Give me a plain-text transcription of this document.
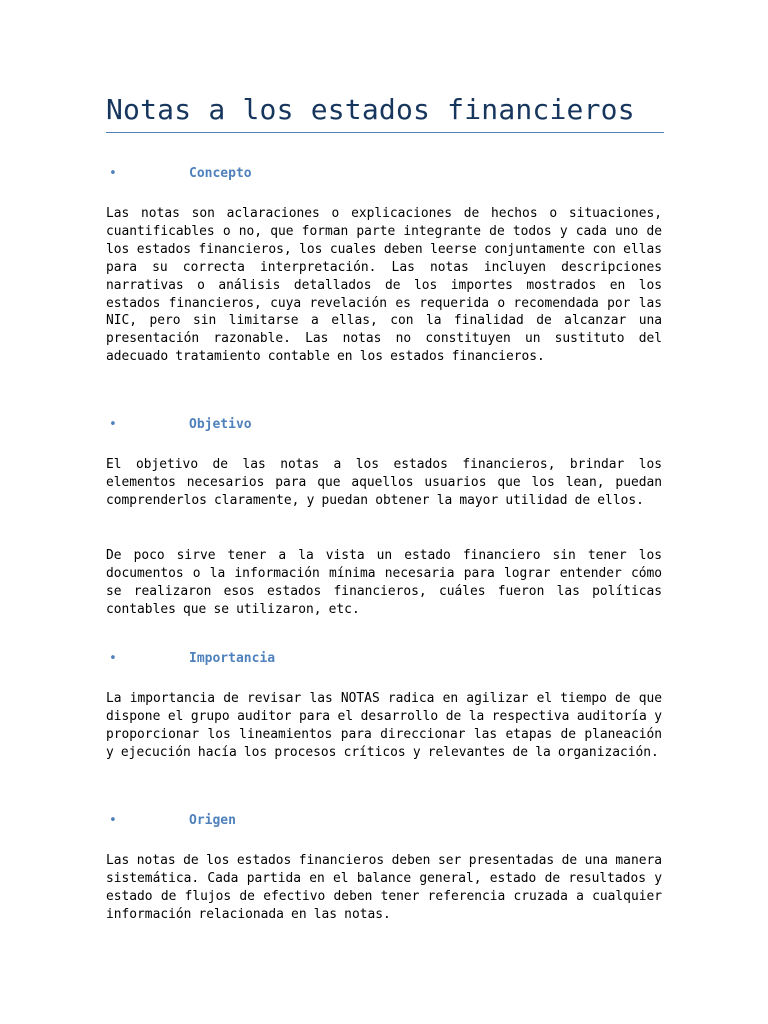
Notas a los estados financieros
•	Concepto

Las notas son aclaraciones o explicaciones de hechos o situaciones, cuantificables o no, que forman parte integrante de todos y cada uno de los estados financieros, los cuales deben leerse conjuntamente con ellas para su correcta interpretación. Las notas incluyen descripciones narrativas o análisis detallados de los importes mostrados en los estados financieros, cuya revelación es requerida o recomendada por las NIC, pero sin limitarse a ellas, con la finalidad de alcanzar una presentación razonable. Las notas no constituyen un sustituto del adecuado tratamiento contable en los estados financieros.

•	Objetivo

El objetivo de las notas a los estados financieros, brindar los elementos necesarios para que aquellos usuarios que los lean, puedan comprenderlos claramente, y puedan obtener la mayor utilidad de ellos.

De poco sirve tener a la vista un estado financiero sin tener los documentos o la información mínima necesaria para lograr entender cómo se realizaron esos estados financieros, cuáles fueron las políticas contables que se utilizaron, etc.

•	Importancia

La importancia de revisar las NOTAS radica en agilizar el tiempo de que dispone el grupo auditor para el desarrollo de la respectiva auditoría y proporcionar los lineamientos para direccionar las etapas de planeación y ejecución hacía los procesos críticos y relevantes de la organización.

•	Origen

Las notas de los estados financieros deben ser presentadas de una manera sistemática. Cada partida en el balance general, estado de resultados y estado de flujos de efectivo deben tener referencia cruzada a cualquier información relacionada en las notas.
